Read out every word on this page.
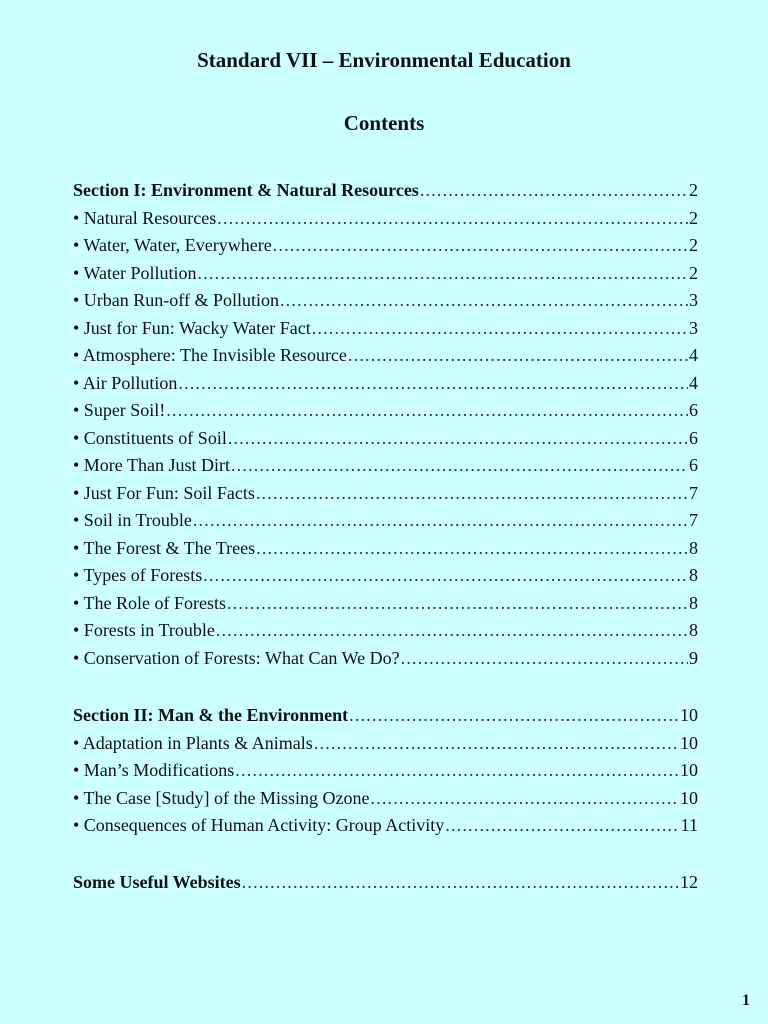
Standard VII – Environmental Education
Contents
Section I: Environment & Natural Resources .....	2
• Natural Resources .....	2
• Water, Water, Everywhere .....	2
• Water Pollution .....	2
• Urban Run-off & Pollution .....	3
• Just for Fun: Wacky Water Fact .....	3
• Atmosphere: The Invisible Resource .....	4
• Air Pollution .....	4
• Super Soil! .....	6
• Constituents of Soil .....	6
• More Than Just Dirt .....	6
• Just For Fun: Soil Facts .....	7
• Soil in Trouble .....	7
• The Forest & The Trees .....	8
• Types of Forests .....	8
• The Role of Forests .....	8
• Forests in Trouble .....	8
• Conservation of Forests: What Can We Do? .....	9
Section II: Man & the Environment .....	10
• Adaptation in Plants & Animals .....	10
• Man’s Modifications .....	10
• The Case [Study] of the Missing Ozone .....	10
• Consequences of Human Activity: Group Activity .....	11
Some Useful Websites .....	12
1
